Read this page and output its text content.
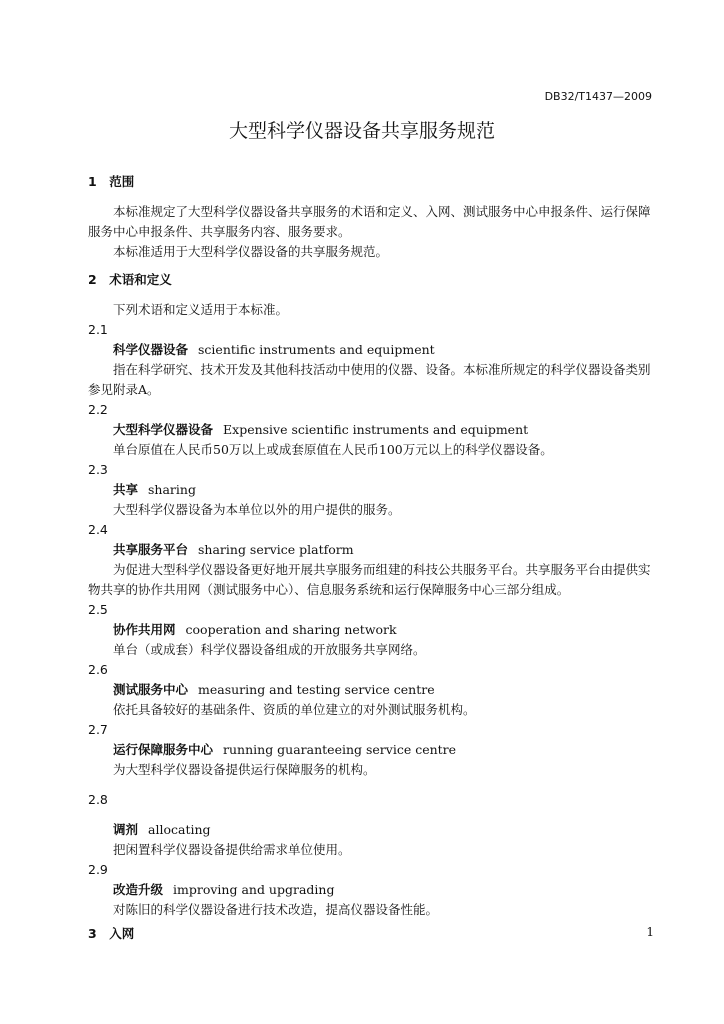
DB32/T1437—2009
大型科学仪器设备共享服务规范

1　范围

本标准规定了大型科学仪器设备共享服务的术语和定义、入网、测试服务中心申报条件、运行保障服务中心申报条件、共享服务内容、服务要求。

本标准适用于大型科学仪器设备的共享服务规范。

2　术语和定义

下列术语和定义适用于本标准。

2.1

科学仪器设备 scientific instruments and equipment

指在科学研究、技术开发及其他科技活动中使用的仪器、设备。本标准所规定的科学仪器设备类别参见附录A。

2.2

大型科学仪器设备 Expensive scientific instruments and equipment

单台原值在人民币50万以上或成套原值在人民币100万元以上的科学仪器设备。

2.3

共享 sharing

大型科学仪器设备为本单位以外的用户提供的服务。

2.4

共享服务平台 sharing service platform

为促进大型科学仪器设备更好地开展共享服务而组建的科技公共服务平台。共享服务平台由提供实物共享的协作共用网（测试服务中心）、信息服务系统和运行保障服务中心三部分组成。

2.5

协作共用网 cooperation and sharing network

单台（或成套）科学仪器设备组成的开放服务共享网络。

2.6

测试服务中心 measuring and testing service centre

依托具备较好的基础条件、资质的单位建立的对外测试服务机构。

2.7

运行保障服务中心 running guaranteeing service centre

为大型科学仪器设备提供运行保障服务的机构。

2.8

调剂 allocating

把闲置科学仪器设备提供给需求单位使用。

2.9

改造升级 improving and upgrading

对陈旧的科学仪器设备进行技术改造，提高仪器设备性能。

3　入网	1
